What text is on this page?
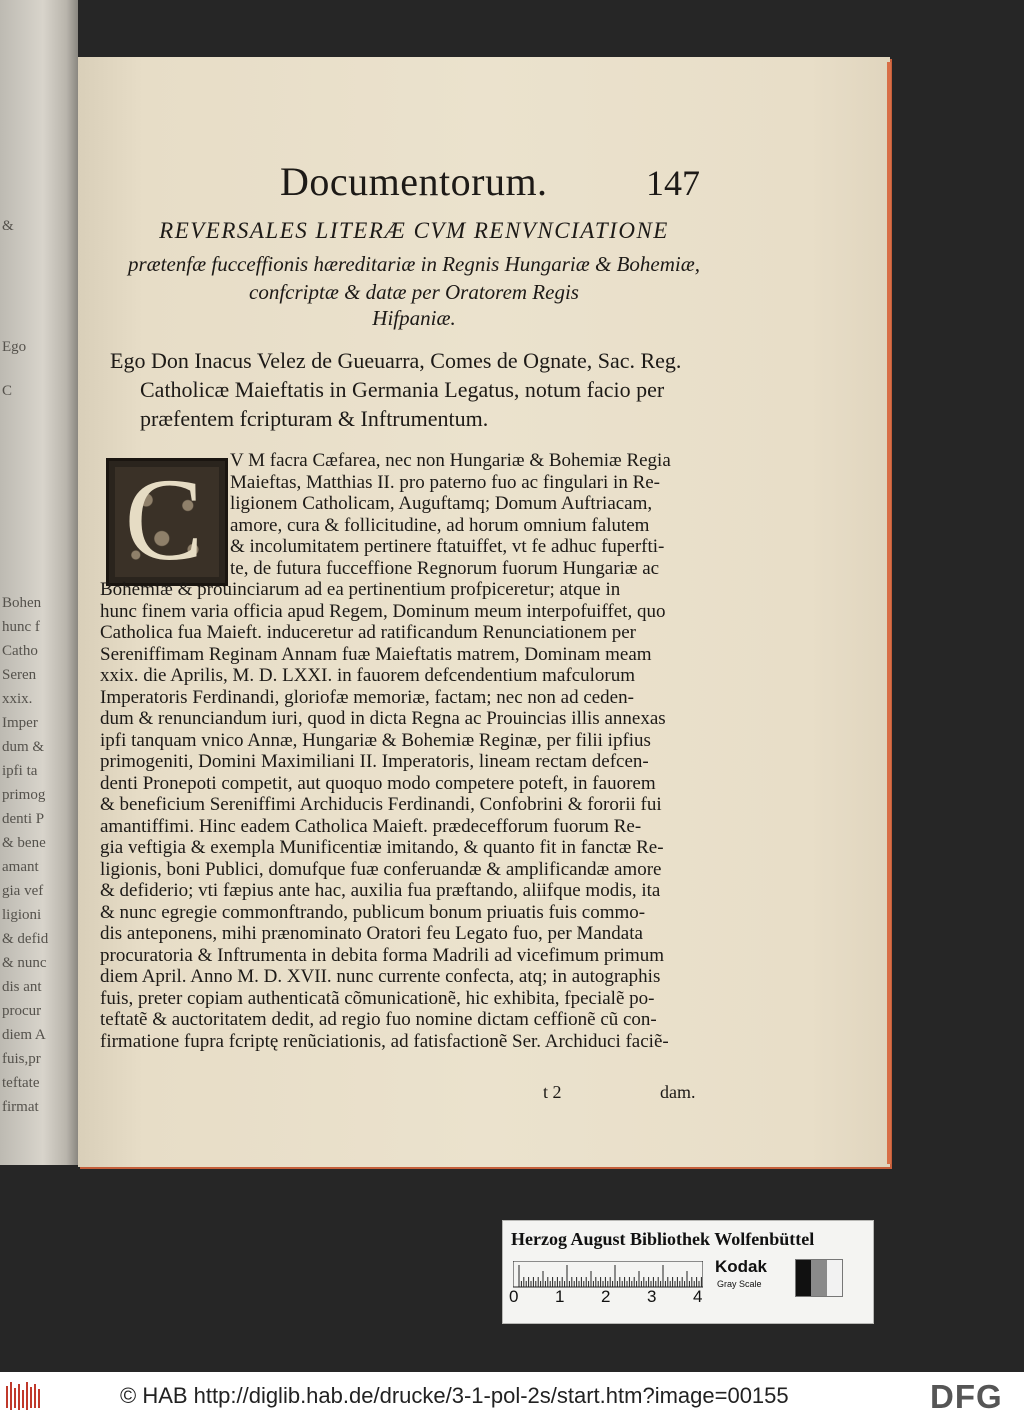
&
Ego
C
Bohen
hunc f
Catho
Seren
xxix.
Imper
dum &
ipfi ta
primog
denti P
& bene
amant
gia vef
ligioni
& defid
& nunc
dis ant
procur
diem A
fuis,pr
teftate
firmat
Documentorum.	147
REVERSALES LITERÆ CVM RENVNCIATIONE
prætenfæ fucceffionis hæreditariæ in Regnis Hungariæ & Bohemiæ,
confcriptæ & datæ per Oratorem Regis
Hifpaniæ.
Ego Don Inacus Velez de Gueuarra, Comes de Ognate, Sac. Reg.
Catholicæ Maieftatis in Germania Legatus, notum facio per
præfentem fcripturam & Inftrumentum.
C	V M facra Cæfarea, nec non Hungariæ & Bohemiæ Regia
Maieftas, Matthias II. pro paterno fuo ac fingulari in Re-
ligionem Catholicam, Auguftamq; Domum Auftriacam,
amore, cura & follicitudine, ad horum omnium falutem
& incolumitatem pertinere ftatuiffet, vt fe adhuc fuperfti-
te, de futura fucceffione Regnorum fuorum Hungariæ ac
Bohemiæ & prouinciarum ad ea pertinentium profpiceretur; atque in
hunc finem varia officia apud Regem, Dominum meum interpofuiffet, quo
Catholica fua Maieft. induceretur ad ratificandum Renunciationem per
Sereniffimam Reginam Annam fuæ Maieftatis matrem, Dominam meam
xxix. die Aprilis, M. D. LXXI. in fauorem defcendentium mafculorum
Imperatoris Ferdinandi, gloriofæ memoriæ, factam; nec non ad ceden-
dum & renunciandum iuri, quod in dicta Regna ac Prouincias illis annexas
ipfi tanquam vnico Annæ, Hungariæ & Bohemiæ Reginæ, per filii ipfius
primogeniti, Domini Maximiliani II. Imperatoris, lineam rectam defcen-
denti Pronepoti competit, aut quoquo modo competere poteft, in fauorem
& beneficium Sereniffimi Archiducis Ferdinandi, Confobrini & fororii fui
amantiffimi. Hinc eadem Catholica Maieft. prædecefforum fuorum Re-
gia veftigia & exempla Munificentiæ imitando, & quanto fit in fanctæ Re-
ligionis, boni Publici, domufque fuæ conferuandæ & amplificandæ amore
& defiderio; vti fæpius ante hac, auxilia fua præftando, aliifque modis, ita
& nunc egregie commonftrando, publicum bonum priuatis fuis commo-
dis anteponens, mihi prænominato Oratori feu Legato fuo, per Mandata
procuratoria & Inftrumenta in debita forma Madrili ad vicefimum primum
diem April. Anno M. D. XVII. nunc currente confecta, atq; in autographis
fuis, preter copiam authenticatã cõmunicationẽ, hic exhibita, fpecialẽ po-
teftatẽ & auctoritatem dedit, ad regio fuo nomine dictam ceffionẽ cũ con-
firmatione fupra fcriptę renũciationis, ad fatisfactionẽ Ser. Archiduci faciẽ-
t 2	dam.
Herzog August Bibliothek Wolfenbüttel
0 1 2 3 4
Kodak
Gray Scale
© HAB http://diglib.hab.de/drucke/3-1-pol-2s/start.htm?image=00155	DFG
